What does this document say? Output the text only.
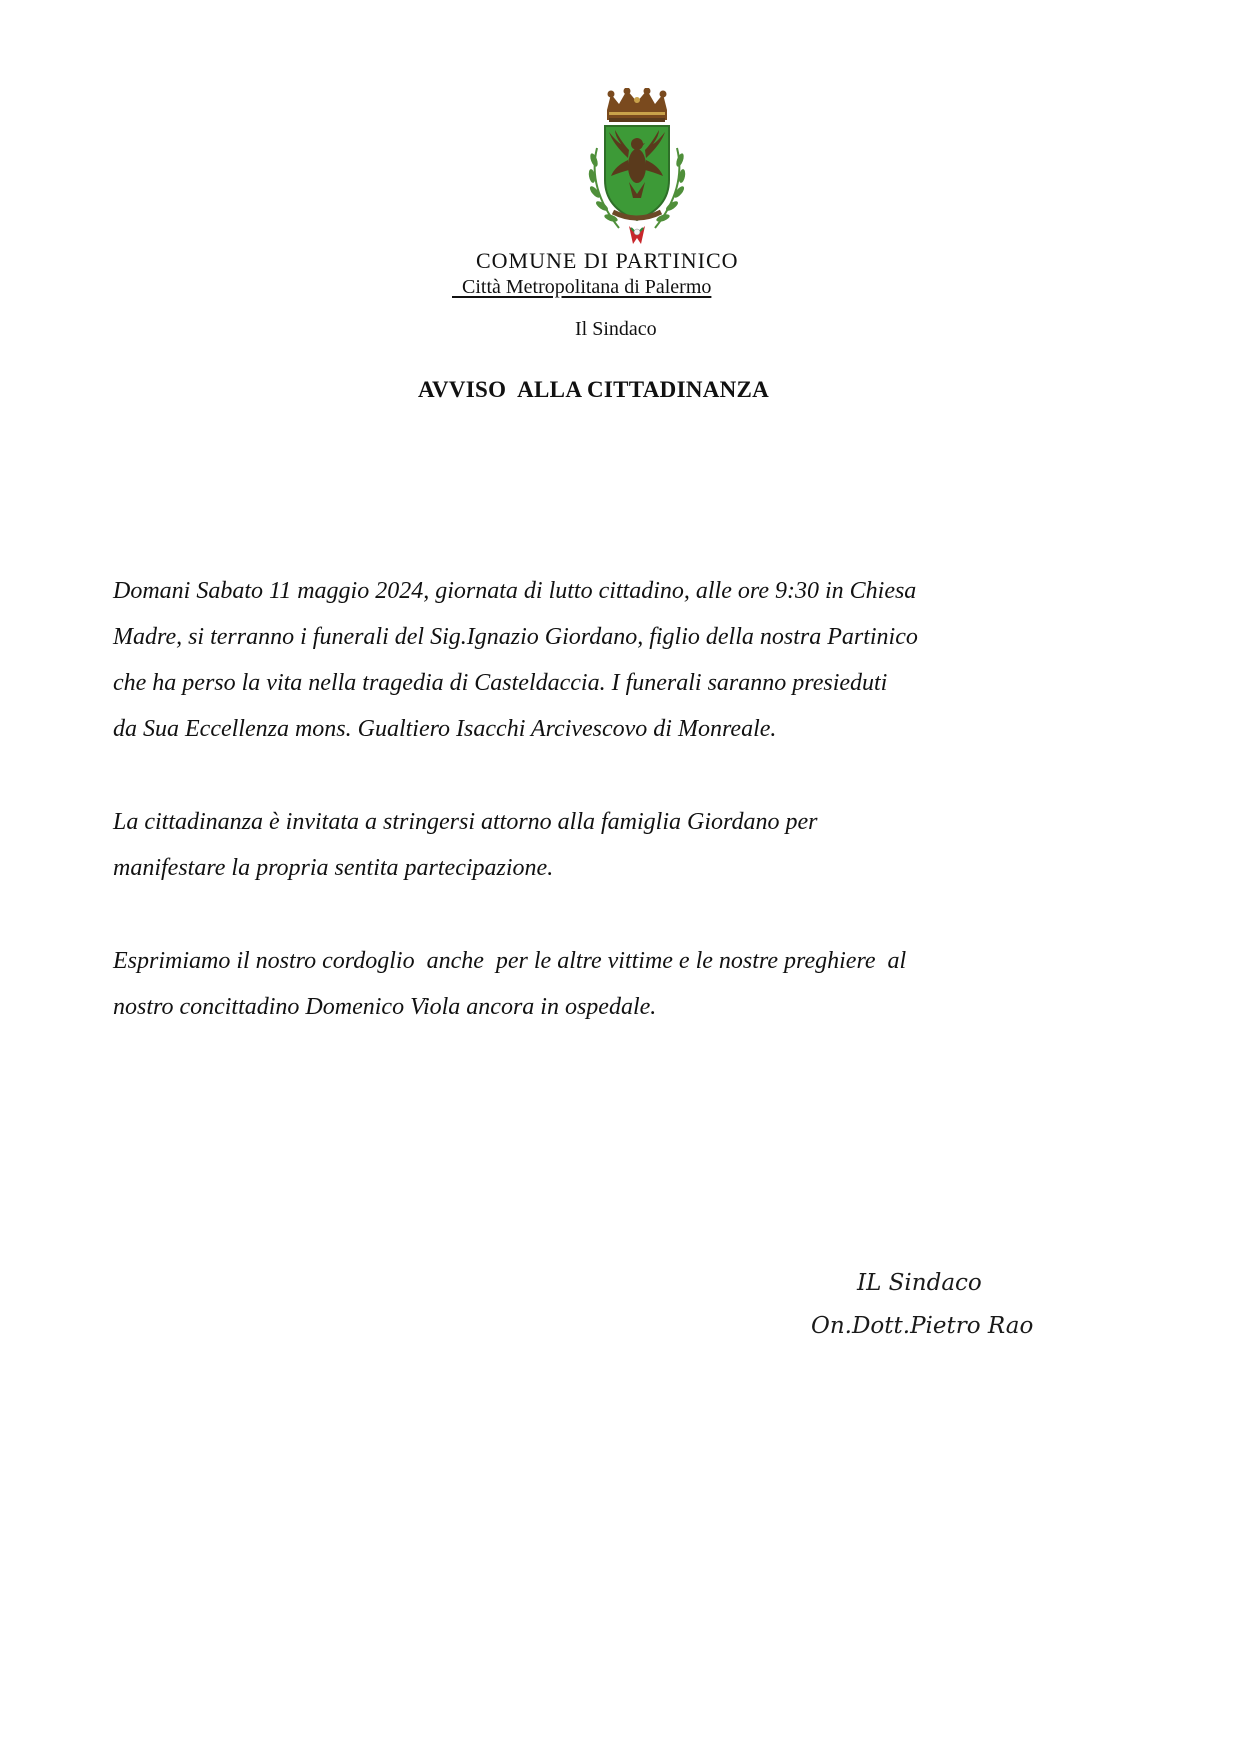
COMUNE DI PARTINICO
Città Metropolitana di Palermo
Il Sindaco
AVVISO  ALLA CITTADINANZA

Domani Sabato 11 maggio 2024, giornata di lutto cittadino, alle ore 9:30 in Chiesa
Madre, si terranno i funerali del Sig.Ignazio Giordano, figlio della nostra Partinico
che ha perso la vita nella tragedia di Casteldaccia. I funerali saranno presieduti
da Sua Eccellenza mons. Gualtiero Isacchi Arcivescovo di Monreale.

La cittadinanza è invitata a stringersi attorno alla famiglia Giordano per
manifestare la propria sentita partecipazione.

Esprimiamo il nostro cordoglio  anche  per le altre vittime e le nostre preghiere  al
nostro concittadino Domenico Viola ancora in ospedale.

IL Sindaco
On.Dott.Pietro Rao
